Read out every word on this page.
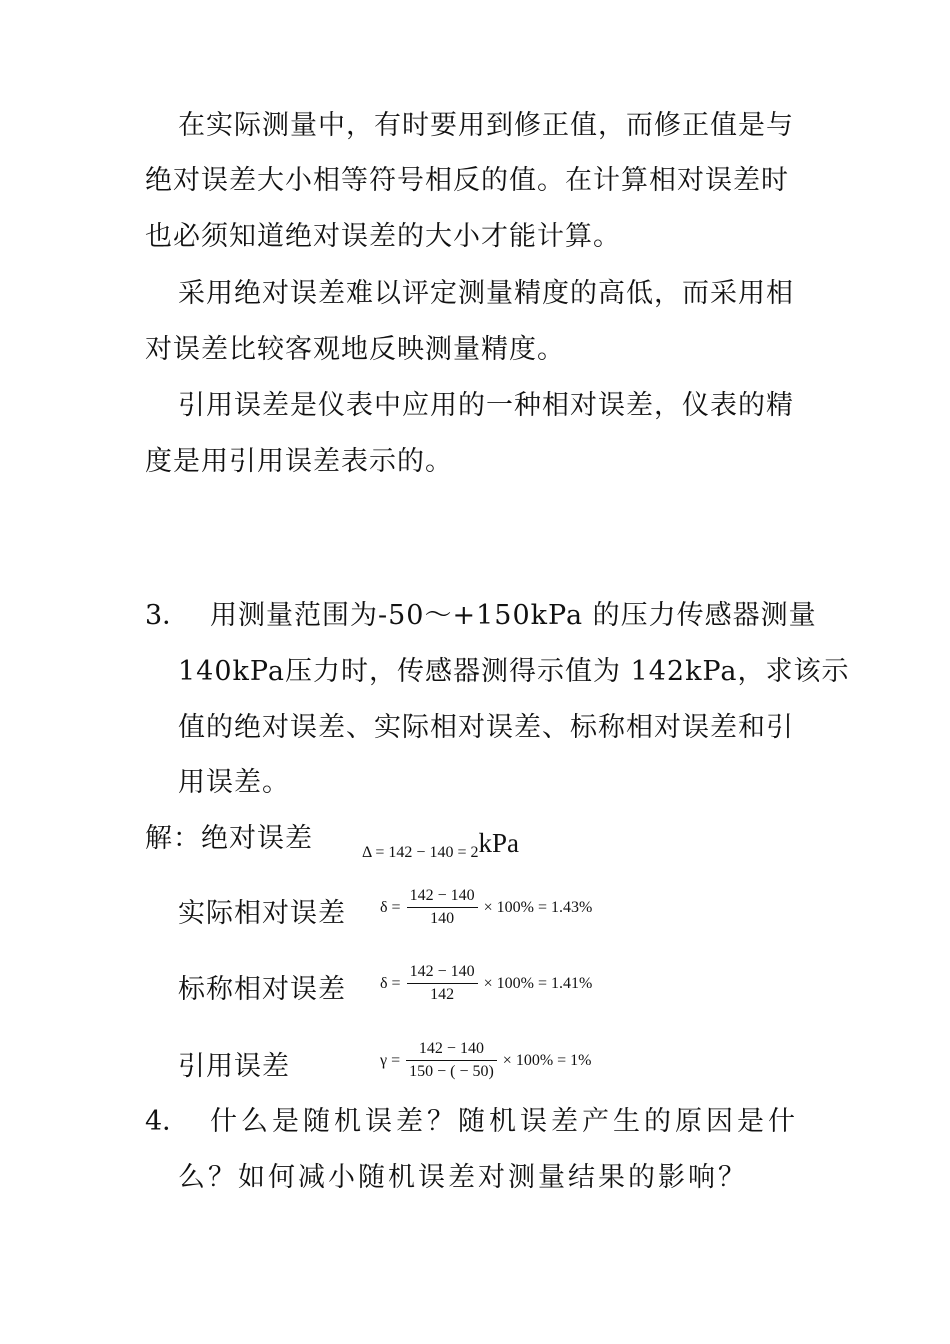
在实际测量中，有时要用到修正值，而修正值是与
绝对误差大小相等符号相反的值。在计算相对误差时
也必须知道绝对误差的大小才能计算。
采用绝对误差难以评定测量精度的高低，而采用相
对误差比较客观地反映测量精度。
引用误差是仪表中应用的一种相对误差，仪表的精
度是用引用误差表示的。
3． 用测量范围为-50～+150kPa 的压力传感器测量
140kPa压力时，传感器测得示值为 142kPa，求该示
值的绝对误差、实际相对误差、标称相对误差和引
用误差。
解：绝对误差	Δ = 142 − 140 = 2kPa
实际相对误差 $\delta = \frac{142 - 140}{140} \times 100\% = 1.43\%$
标称相对误差 $\delta = \frac{142 - 140}{142} \times 100\% = 1.41\%$
引用误差	$\gamma = \frac{142 - 140}{150 - ( - 50)} \times 100\% = 1\%$
4． 什么是随机误差？随机误差产生的原因是什
么？如何减小随机误差对测量结果的影响？
